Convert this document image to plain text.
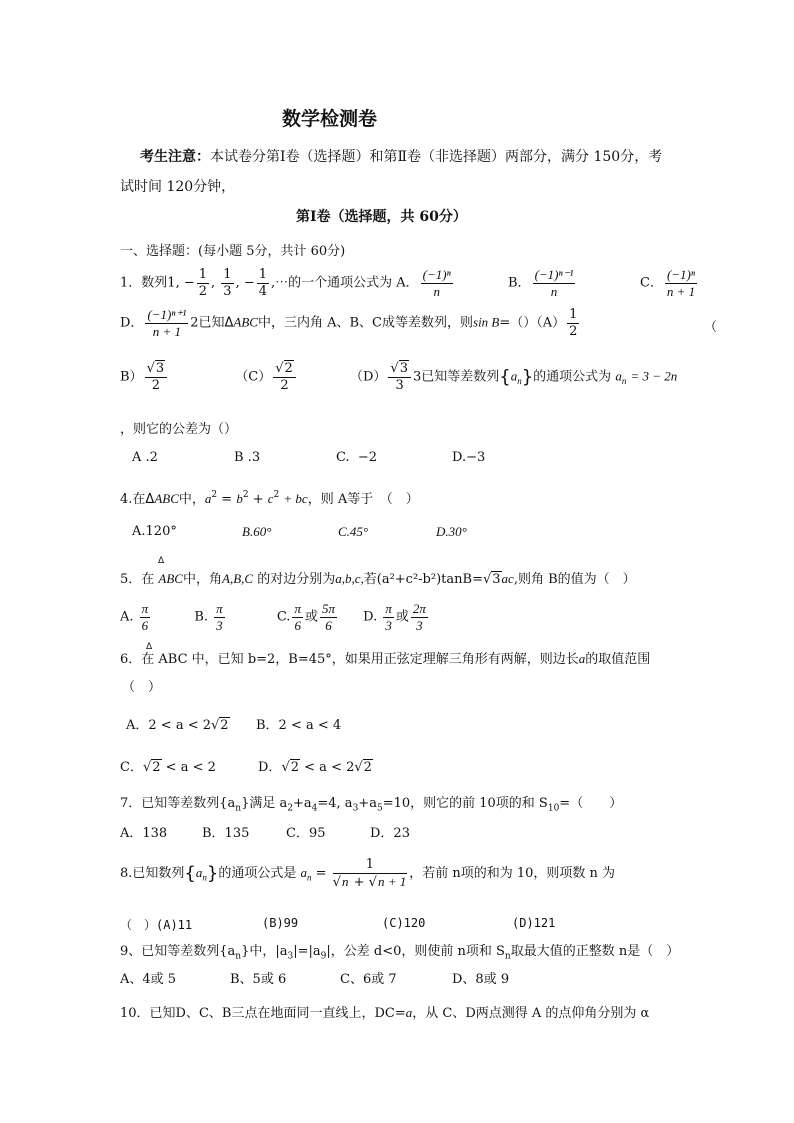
数学检测卷
考生注意：本试卷分第Ⅰ卷（选择题）和第Ⅱ卷（非选择题）两部分，满分 150分，考
试时间 120分钟，
第Ⅰ卷（选择题，共 60分）
一、选择题：(每小题 5分，共计 60分)
1．数列1, − $\frac{1}{2}$ , $\frac{1}{3}$ , − $\frac{1}{4}$ ,⋯的一个通项公式为 A． $\frac{\text{(−1)ⁿ}}{n}$	B． $\frac{\text{(−1)ⁿ⁻¹}}{n}$	C． $\frac{\text{(−1)ⁿ}}{n + 1}$
D． $\frac{\text{(−1)ⁿ⁺¹}}{n + 1} 2$已知ΔABC中，三内角 A、B、C成等差数列，则$\sin B=()(A) \frac{1}{2}$	（
$B) \frac{√3}{2}$	$(C) \frac{√2}{2}$	$(D) \frac{√3}{3} 3$已知等差数列$\{a_n\}$的通项公式为 $a_n = 3 - 2n$
，则它的公差为（）
A .2	B .3	C. −2	D.−3
4.在ΔABC中，$a^2 = b^2 + c^2$ + bc，则 A等于　（　）
A.120°	B.60°	C.45°	D.30°
Δ
5．在 ABC中，角A,B,C 的对边分别为a,b,c,若(a²+c²-b²)tanB=√3ac,则角 B的值为（　）
A. $\frac{\pi}{6}$	B. $\frac{\pi}{3}$	C. $\frac{\pi}{6}$ 或 $\frac{5\pi}{6} D$. $\frac{\pi}{3}$ 或 $\frac{2\pi}{3}$
Δ
6．在 ABC 中，已知 b=2，B=45°，如果用正弦定理解三角形有两解，则边长a的取值范围
（　）
A．2 < a < 2√2 B．2 < a < 4
C．√2 < a < 2	D．√2 < a < 2√2
7．已知等差数列$\{a_n\}$满足 $a_2+a_4=4$, $a_3+a_5=10$，则它的前 10项的和 $S_{10}=$（　　）
A．138	B．135	C．95	D．23
8.已知数列$\{a_n\}$的通项公式是 $a_n = \frac{1}{√n + √n + 1}$ ，若前 n项的和为 10，则项数 n 为
（　）(A)11	(B)99	(C)120	(D)121
9、已知等差数列$\{a_n\}$中，$|a_3|=|a_9|$，公差 d<0，则使前 n项和 $S_n$取最大值的正整数 n是（　）
A、4或 5	B、5或 6	C、6或 7	D、8或 9
10．已知D、C、B三点在地面同一直线上，DC=a，从 C、D两点测得 A 的点仰角分别为 α
